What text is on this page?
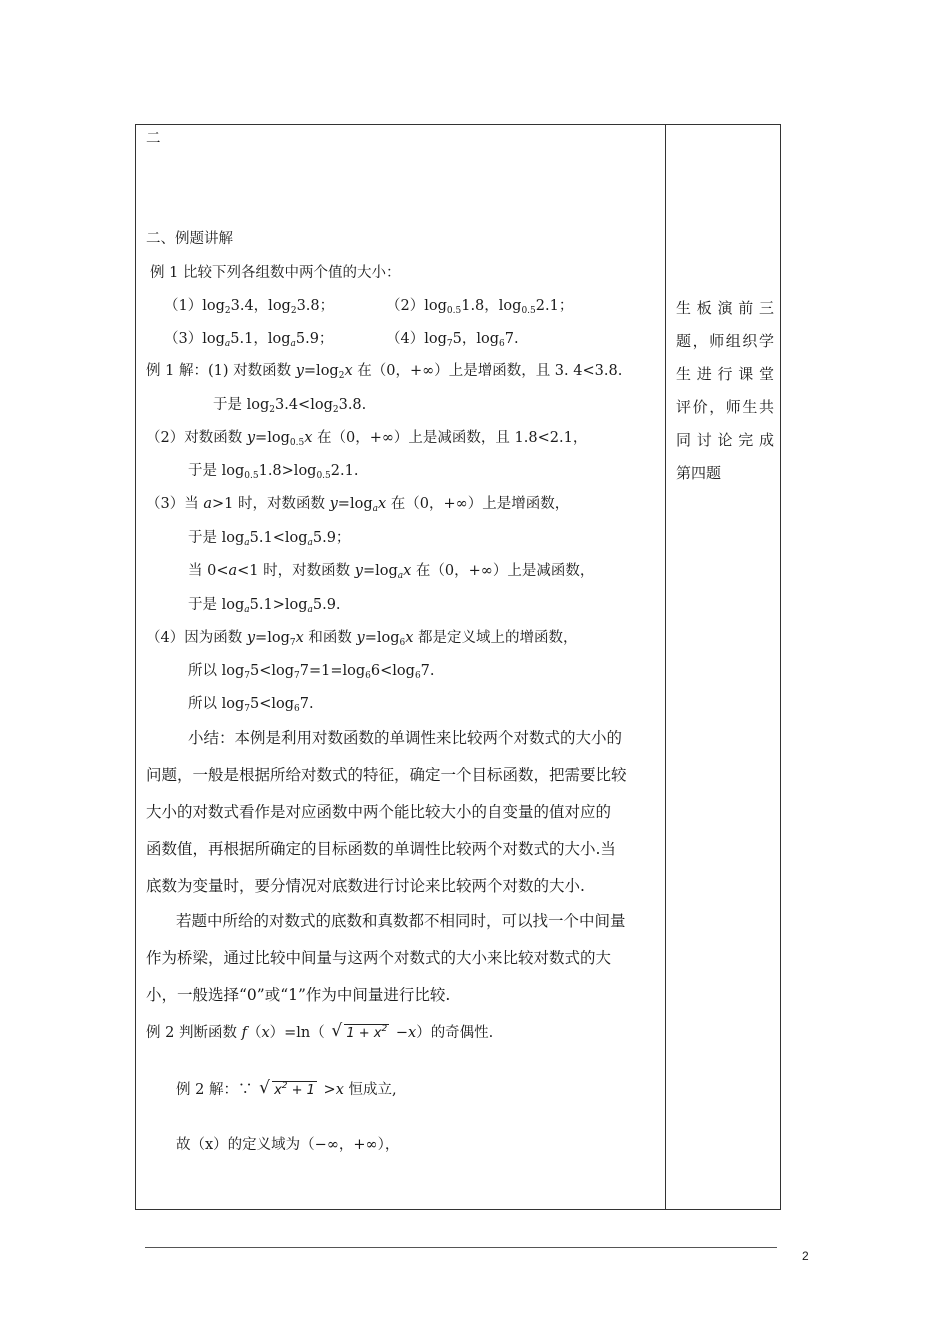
二
二、例题讲解
例 1 比较下列各组数中两个值的大小：
$(1)\log_23.4$，$\log_23.8$；	$(2)\log_{0.5}1.8$，$\log_{0.5}2.1$；
$(3)\log_a5.1$，$\log_a5.9$；	$(4)\log_75$，$\log_67$.
例 1 解：(1) 对数函数 $y=\log_2x$ 在（0，+∞）上是增函数，且 3. 4<3.8.
于是 $\log_23.4<\log_23.8$.
（2）对数函数 $y=\log_{0.5}x$ 在（0，+∞）上是减函数，且 1.8<2.1，
于是 $\log_{0.5}1.8>\log_{0.5}2.1$.
（3）当 a>1 时，对数函数 $y=\log_ax$ 在（0，+∞）上是增函数，
于是 $\log_a5.1<\log_a5.9$；
当 0<a<1 时，对数函数 $y=\log_ax$ 在（0，+∞）上是减函数，
于是 $\log_a5.1>\log_a5.9$.
（4）因为函数 $y=\log_7x$ 和函数 $y=\log_6x$ 都是定义域上的增函数，
所以 $\log_75<\log_77=1=\log_66<\log_67$.
所以 $\log_75<\log_67$.
小结：本例是利用对数函数的单调性来比较两个对数式的大小的
问题，一般是根据所给对数式的特征，确定一个目标函数，把需要比较
大小的对数式看作是对应函数中两个能比较大小的自变量的值对应的
函数值，再根据所确定的目标函数的单调性比较两个对数式的大小.当
底数为变量时，要分情况对底数进行讨论来比较两个对数的大小.
若题中所给的对数式的底数和真数都不相同时，可以找一个中间量
作为桥梁，通过比较中间量与这两个对数式的大小来比较对数式的大
小，一般选择“0”或“1”作为中间量进行比较.
例 2 判断函数 f（x）=ln（ √ $1 + x^2 -x$）的奇偶性.
例 2 解：∵ √ $x^2 + 1 >x$ 恒成立,
故（x）的定义域为（−∞，+∞），
生板演前三
题，师组织学
生进行课堂
评价，师生共
同讨论完成
第四题
2
